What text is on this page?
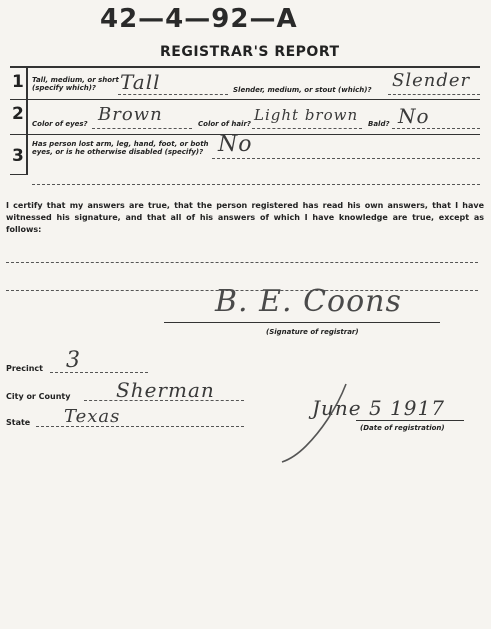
42—4—92—A
REGISTRAR'S REPORT
1 Tall, medium, or short (specify which)?	Tall	Slender, medium, or stout (which)?	Slender
2 Color of eyes? Brown	Color of hair? Light brown Bald? No
3
Has person lost arm, leg, hand, foot, or both eyes, or is he otherwise disabled (specify)? No
I certify that my answers are true, that the person registered has read his own answers, that I have witnessed his signature, and that all of his answers of which I have knowledge are true, except as follows:
B. E. Coons
(Signature of registrar)
Precinct 3
City or County Sherman
State Texas	June 5 1917
(Date of registration)
